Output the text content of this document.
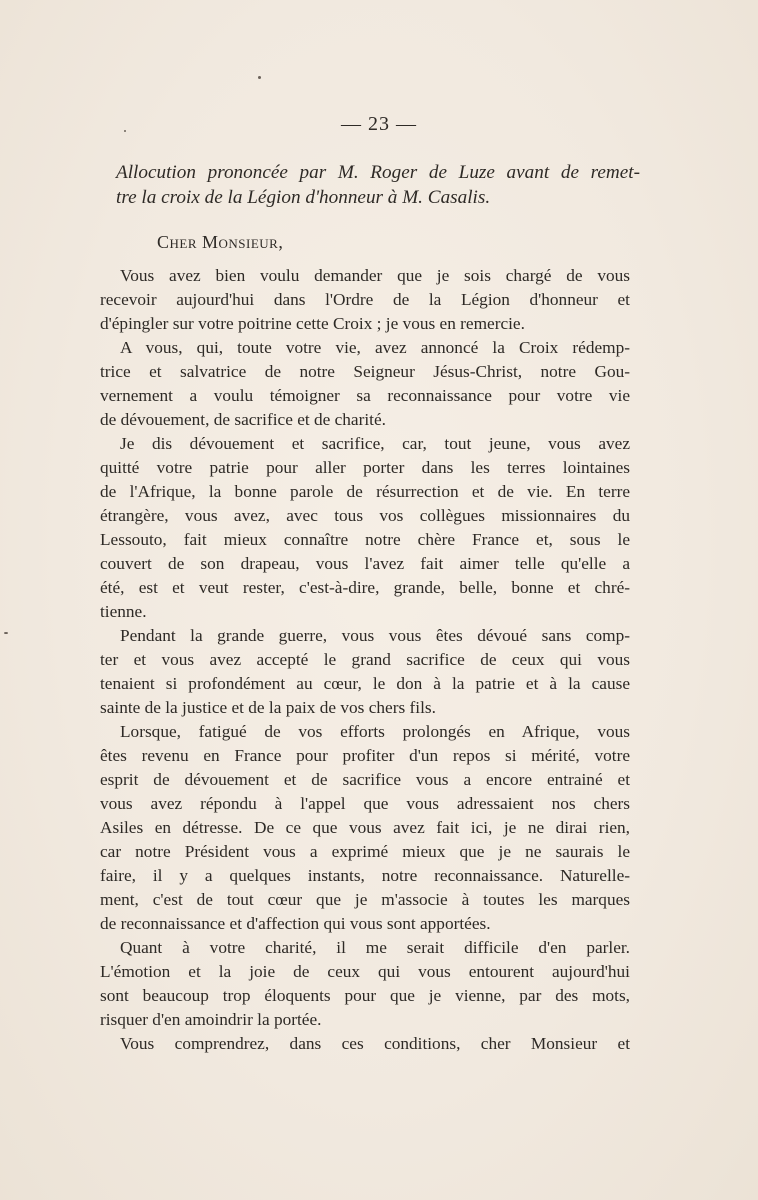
— 23 —
Allocution prononcée par M. Roger de Luze avant de remet-
tre la croix de la Légion d'honneur à M. Casalis.
Cher Monsieur,
Vous avez bien voulu demander que je sois chargé de vous
recevoir aujourd'hui dans l'Ordre de la Légion d'honneur et
d'épingler sur votre poitrine cette Croix ; je vous en remercie.
A vous, qui, toute votre vie, avez annoncé la Croix rédemp-
trice et salvatrice de notre Seigneur Jésus-Christ, notre Gou-
vernement a voulu témoigner sa reconnaissance pour votre vie
de dévouement, de sacrifice et de charité.
Je dis dévouement et sacrifice, car, tout jeune, vous avez
quitté votre patrie pour aller porter dans les terres lointaines
de l'Afrique, la bonne parole de résurrection et de vie. En terre
étrangère, vous avez, avec tous vos collègues missionnaires du
Lessouto, fait mieux connaître notre chère France et, sous le
couvert de son drapeau, vous l'avez fait aimer telle qu'elle a
été, est et veut rester, c'est-à-dire, grande, belle, bonne et chré-
tienne.
Pendant la grande guerre, vous vous êtes dévoué sans comp-
ter et vous avez accepté le grand sacrifice de ceux qui vous
tenaient si profondément au cœur, le don à la patrie et à la cause
sainte de la justice et de la paix de vos chers fils.
Lorsque, fatigué de vos efforts prolongés en Afrique, vous
êtes revenu en France pour profiter d'un repos si mérité, votre
esprit de dévouement et de sacrifice vous a encore entrainé et
vous avez répondu à l'appel que vous adressaient nos chers
Asiles en détresse. De ce que vous avez fait ici, je ne dirai rien,
car notre Président vous a exprimé mieux que je ne saurais le
faire, il y a quelques instants, notre reconnaissance. Naturelle-
ment, c'est de tout cœur que je m'associe à toutes les marques
de reconnaissance et d'affection qui vous sont apportées.
Quant à votre charité, il me serait difficile d'en parler.
L'émotion et la joie de ceux qui vous entourent aujourd'hui
sont beaucoup trop éloquents pour que je vienne, par des mots,
risquer d'en amoindrir la portée.
Vous comprendrez, dans ces conditions, cher Monsieur et
